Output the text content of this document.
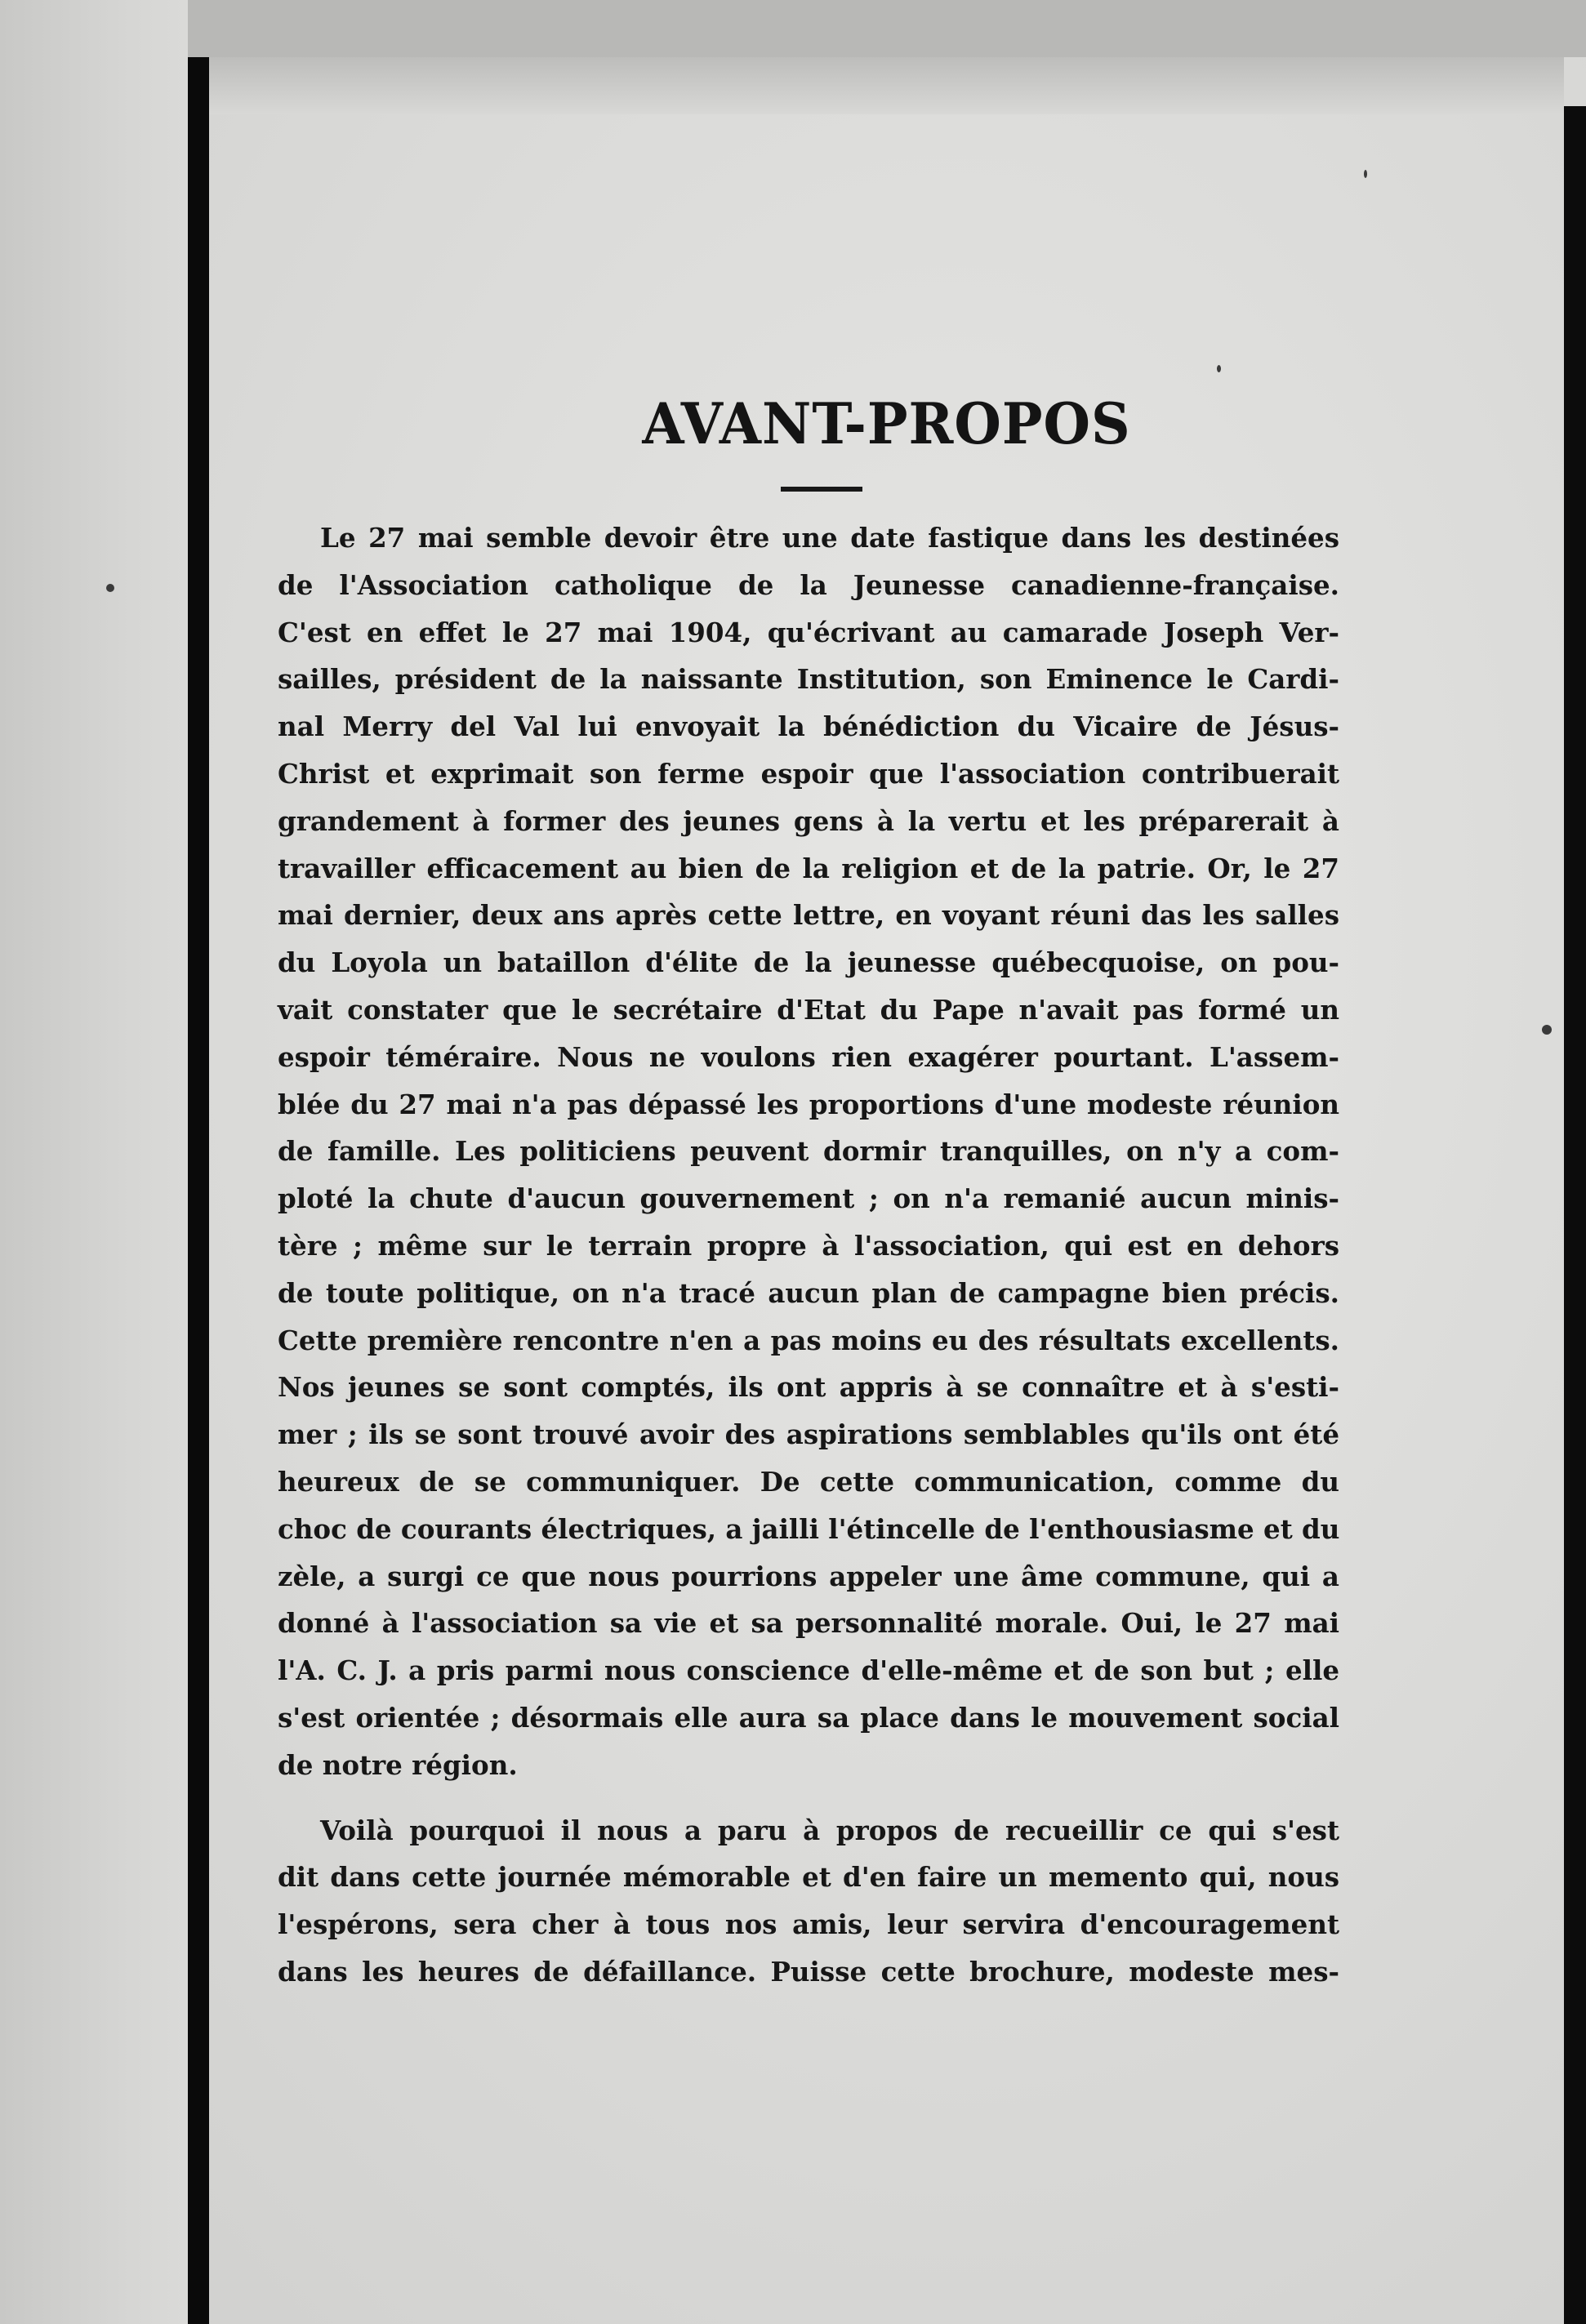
AVANT-PROPOS
Le 27 mai semble devoir être une date fastique dans les destinées
de l'Association catholique de la Jeunesse canadienne-française.
C'est en effet le 27 mai 1904, qu'écrivant au camarade Joseph Ver-
sailles, président de la naissante Institution, son Eminence le Cardi-
nal Merry del Val lui envoyait la bénédiction du Vicaire de Jésus-
Christ et exprimait son ferme espoir que l'association contribuerait
grandement à former des jeunes gens à la vertu et les préparerait à
travailler efficacement au bien de la religion et de la patrie. Or, le 27
mai dernier, deux ans après cette lettre, en voyant réuni das les salles
du Loyola un bataillon d'élite de la jeunesse québecquoise, on pou-
vait constater que le secrétaire d'Etat du Pape n'avait pas formé un
espoir téméraire. Nous ne voulons rien exagérer pourtant. L'assem-
blée du 27 mai n'a pas dépassé les proportions d'une modeste réunion
de famille. Les politiciens peuvent dormir tranquilles, on n'y a com-
ploté la chute d'aucun gouvernement ; on n'a remanié aucun minis-
tère ; même sur le terrain propre à l'association, qui est en dehors
de toute politique, on n'a tracé aucun plan de campagne bien précis.
Cette première rencontre n'en a pas moins eu des résultats excellents.
Nos jeunes se sont comptés, ils ont appris à se connaître et à s'esti-
mer ; ils se sont trouvé avoir des aspirations semblables qu'ils ont été
heureux de se communiquer. De cette communication, comme du
choc de courants électriques, a jailli l'étincelle de l'enthousiasme et du
zèle, a surgi ce que nous pourrions appeler une âme commune, qui a
donné à l'association sa vie et sa personnalité morale. Oui, le 27 mai
l'A. C. J. a pris parmi nous conscience d'elle-même et de son but ; elle
s'est orientée ; désormais elle aura sa place dans le mouvement social
de notre région.
Voilà pourquoi il nous a paru à propos de recueillir ce qui s'est
dit dans cette journée mémorable et d'en faire un memento qui, nous
l'espérons, sera cher à tous nos amis, leur servira d'encouragement
dans les heures de défaillance. Puisse cette brochure, modeste mes-
